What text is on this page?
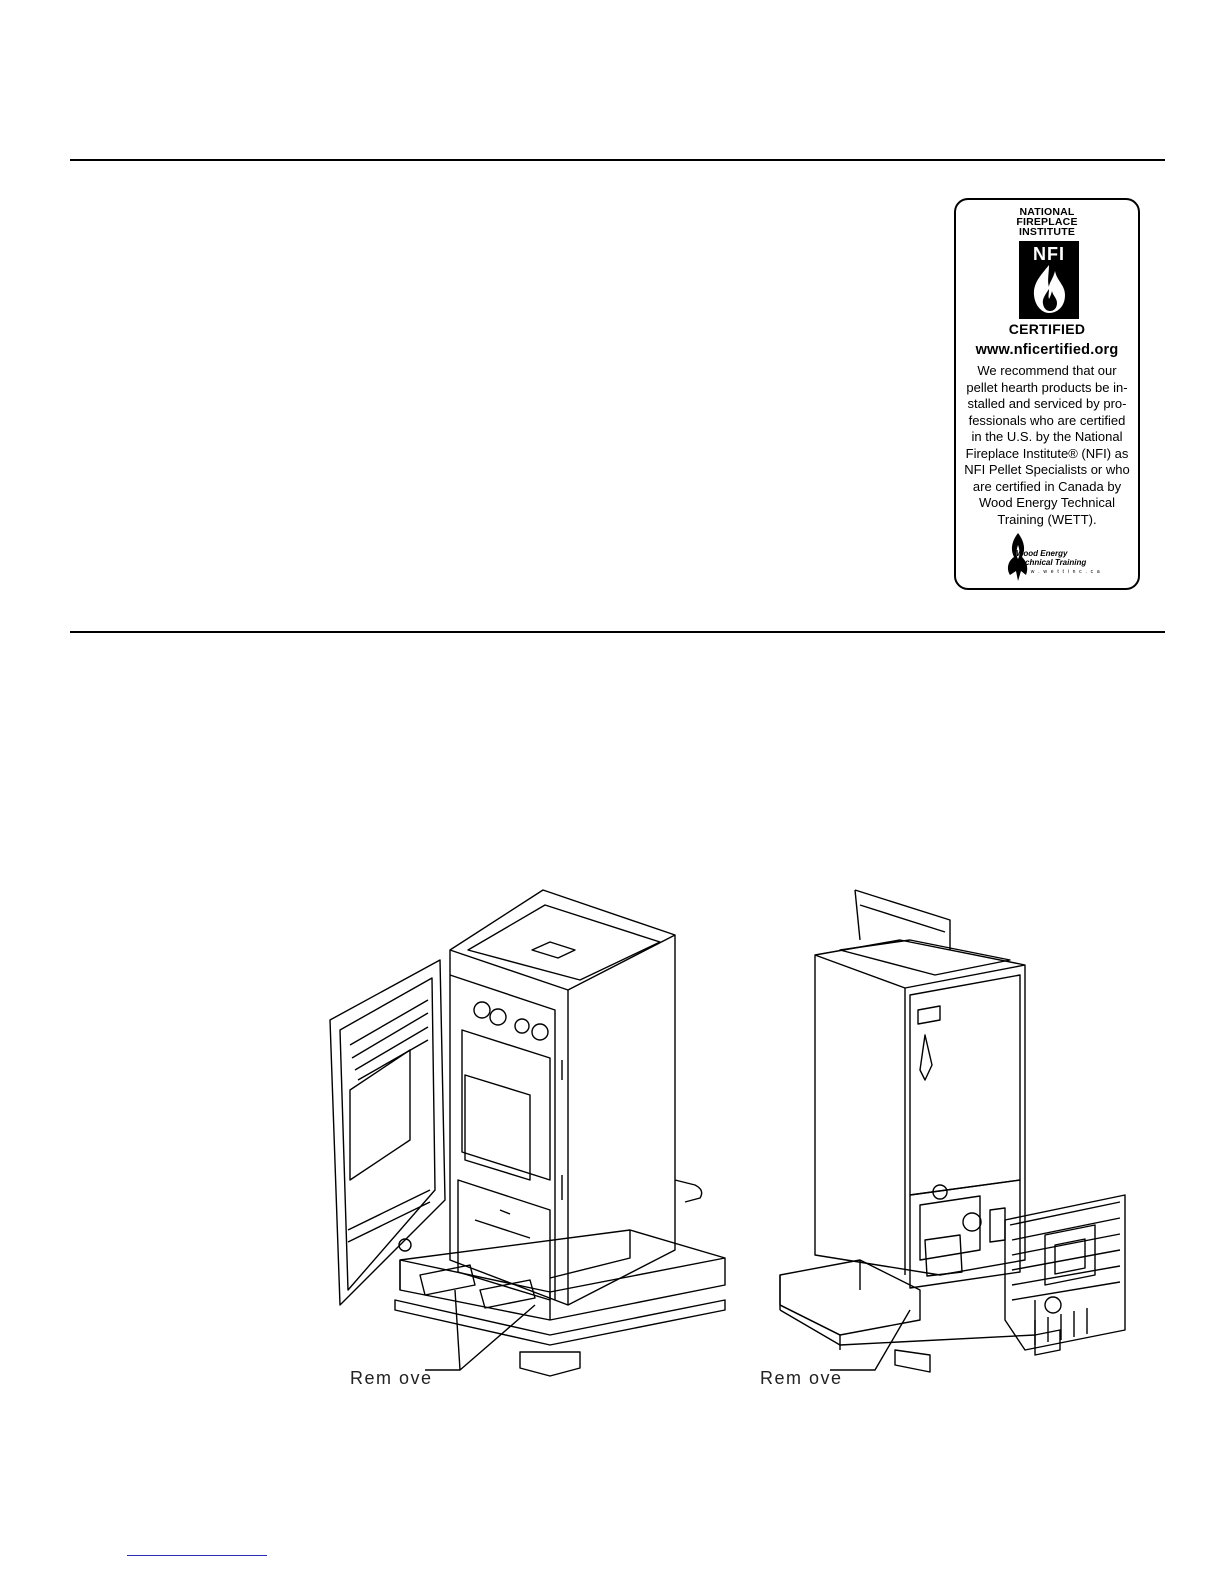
NATIONAL
FIREPLACE
INSTITUTE
NFI
CERTIFIED
www.nficertified.org
We recommend that our
pellet hearth products be in-
stalled and serviced by pro-
fessionals who are certified
in the U.S. by the National
Fireplace Institute® (NFI) as
NFI Pellet Specialists or who
are certified in Canada by
Wood Energy Technical
Training (WETT).
Wood Energy
Technical Training
w w w . w e t t i n c . c a
Rem ove	Rem ove
